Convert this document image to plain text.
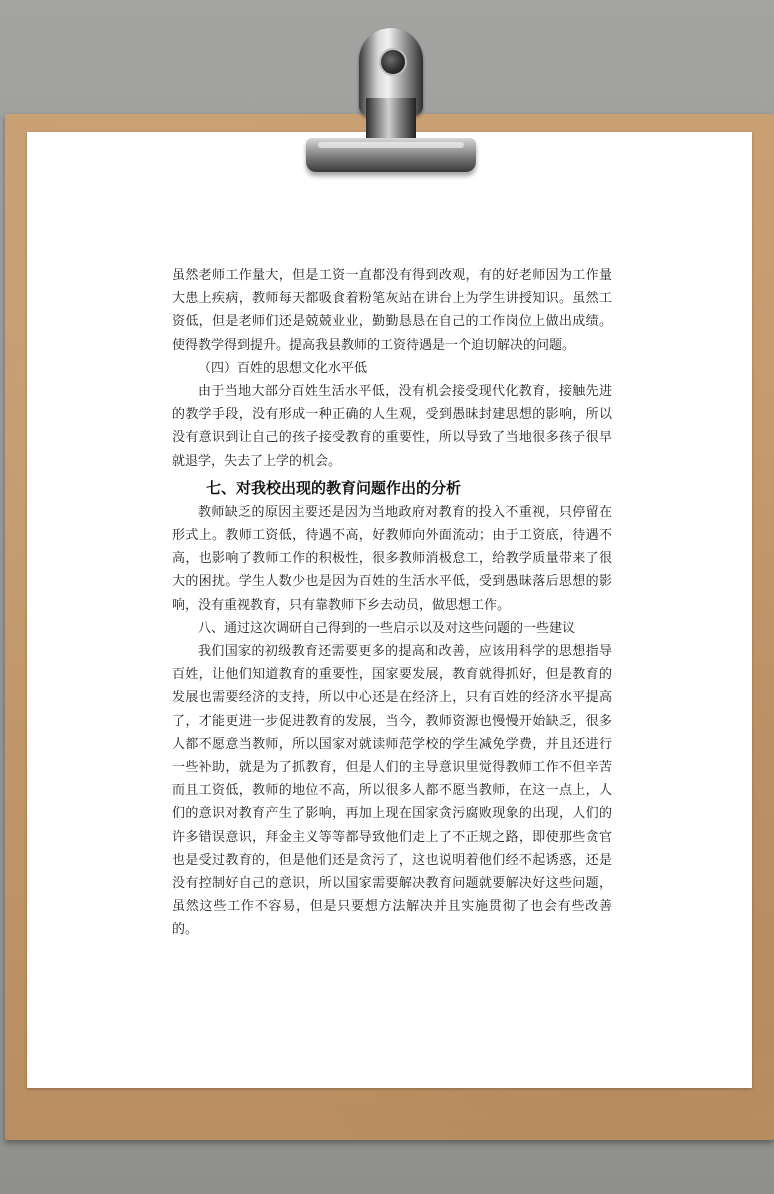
虽然老师工作量大，但是工资一直都没有得到改观，有的好老师因为工作量大患上疾病，教师每天都吸食着粉笔灰站在讲台上为学生讲授知识。虽然工资低，但是老师们还是兢兢业业，勤勤恳恳在自己的工作岗位上做出成绩。使得教学得到提升。提高我县教师的工资待遇是一个迫切解决的问题。

（四）百姓的思想文化水平低

由于当地大部分百姓生活水平低，没有机会接受现代化教育，接触先进的教学手段，没有形成一种正确的人生观，受到愚昧封建思想的影响，所以没有意识到让自己的孩子接受教育的重要性，所以导致了当地很多孩子很早就退学，失去了上学的机会。

七、对我校出现的教育问题作出的分析

教师缺乏的原因主要还是因为当地政府对教育的投入不重视，只停留在形式上。教师工资低，待遇不高，好教师向外面流动；由于工资底，待遇不高，也影响了教师工作的积极性，很多教师消极怠工，给教学质量带来了很大的困扰。学生人数少也是因为百姓的生活水平低，受到愚昧落后思想的影响，没有重视教育，只有靠教师下乡去动员，做思想工作。

八、通过这次调研自己得到的一些启示以及对这些问题的一些建议

我们国家的初级教育还需要更多的提高和改善，应该用科学的思想指导百姓，让他们知道教育的重要性，国家要发展，教育就得抓好，但是教育的发展也需要经济的支持，所以中心还是在经济上，只有百姓的经济水平提高了，才能更进一步促进教育的发展，当今，教师资源也慢慢开始缺乏，很多人都不愿意当教师，所以国家对就读师范学校的学生减免学费，并且还进行一些补助，就是为了抓教育，但是人们的主导意识里觉得教师工作不但辛苦而且工资低，教师的地位不高，所以很多人都不愿当教师，在这一点上，人们的意识对教育产生了影响，再加上现在国家贪污腐败现象的出现，人们的许多错误意识，拜金主义等等都导致他们走上了不正规之路，即使那些贪官也是受过教育的，但是他们还是贪污了，这也说明着他们经不起诱惑，还是没有控制好自己的意识，所以国家需要解决教育问题就要解决好这些问题，虽然这些工作不容易，但是只要想方法解决并且实施贯彻了也会有些改善的。
